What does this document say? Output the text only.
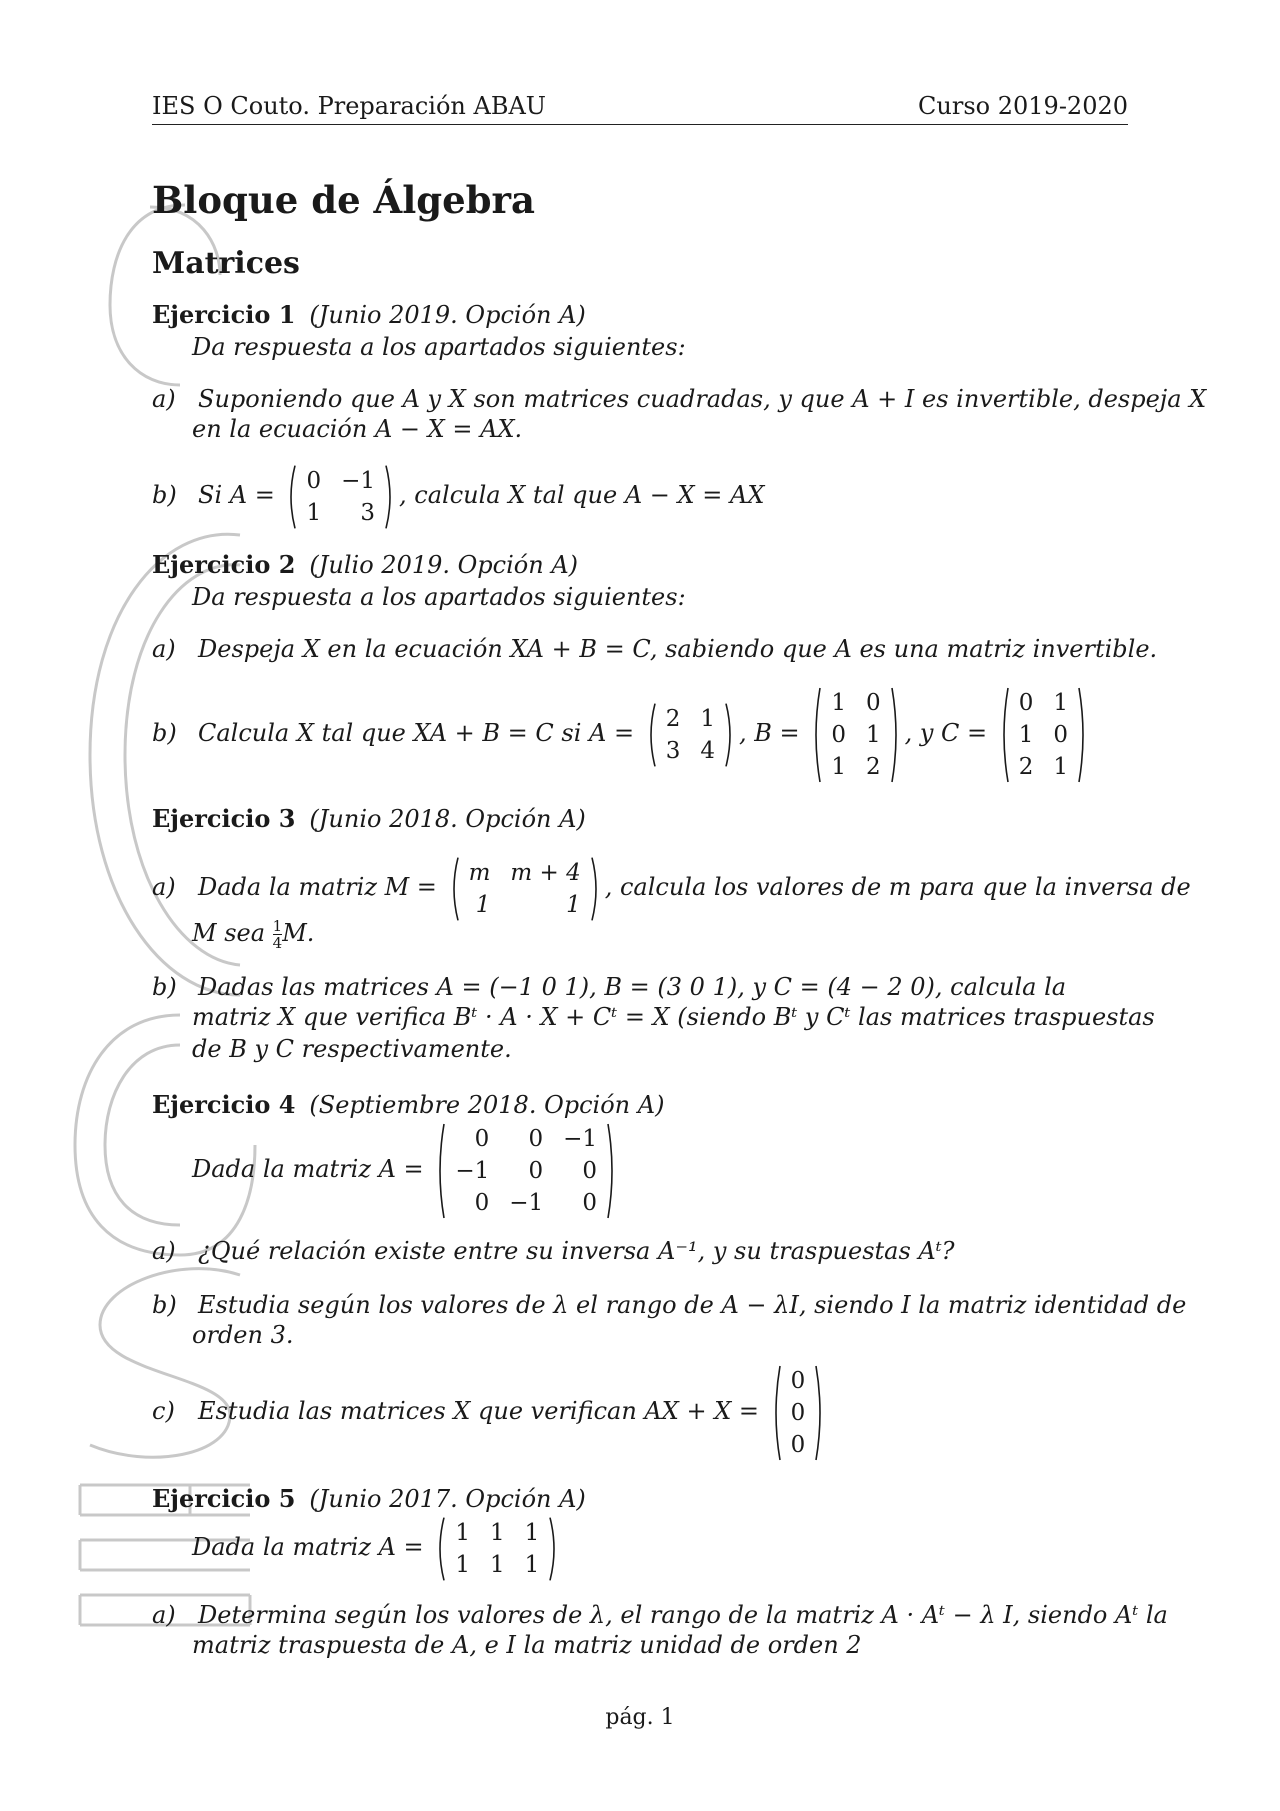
IES O Couto. Preparación ABAU	Curso 2019-2020
Bloque de Álgebra
Matrices
Ejercicio 1 (Junio 2019. Opción A)
Da respuesta a los apartados siguientes:
a) Suponiendo que A y X son matrices cuadradas, y que A + I es invertible, despeja X
en la ecuación A − X = AX.
b) Si A =
0	−1
1	3
, calcula X tal que A − X = AX
Ejercicio 2 (Julio 2019. Opción A)
Da respuesta a los apartados siguientes:
a) Despeja X en la ecuación XA + B = C, sabiendo que A es una matriz invertible.
b) Calcula X tal que XA + B = C si A =
2	1
3	4
, B =
1	0
0	1
1	2
, y C =
0	1
1	0
2	1
Ejercicio 3 (Junio 2018. Opción A)
a) Dada la matriz M =
m	m + 4
1	1
, calcula los valores de m para que la inversa de
M sea $\frac{1}{4} M$.
b) Dadas las matrices A = (−1 0 1), B = (3 0 1), y C = (4 − 2 0), calcula la
matriz X que verifica Bᵗ · A · X + Cᵗ = X (siendo Bᵗ y Cᵗ las matrices traspuestas
de B y C respectivamente.
Ejercicio 4 (Septiembre 2018. Opción A)
Dada la matriz A =
0	0	−1
−1	0	0
0	−1	0
a) ¿Qué relación existe entre su inversa A⁻¹, y su traspuestas Aᵗ?
b) Estudia según los valores de λ el rango de A − λI, siendo I la matriz identidad de
orden 3.
c) Estudia las matrices X que verifican AX + X =
0
0
0
Ejercicio 5 (Junio 2017. Opción A)
Dada la matriz A =
1	1	1
1	1	1
a) Determina según los valores de λ, el rango de la matriz A · Aᵗ − λ I, siendo Aᵗ la
matriz traspuesta de A, e I la matriz unidad de orden 2
pág. 1
